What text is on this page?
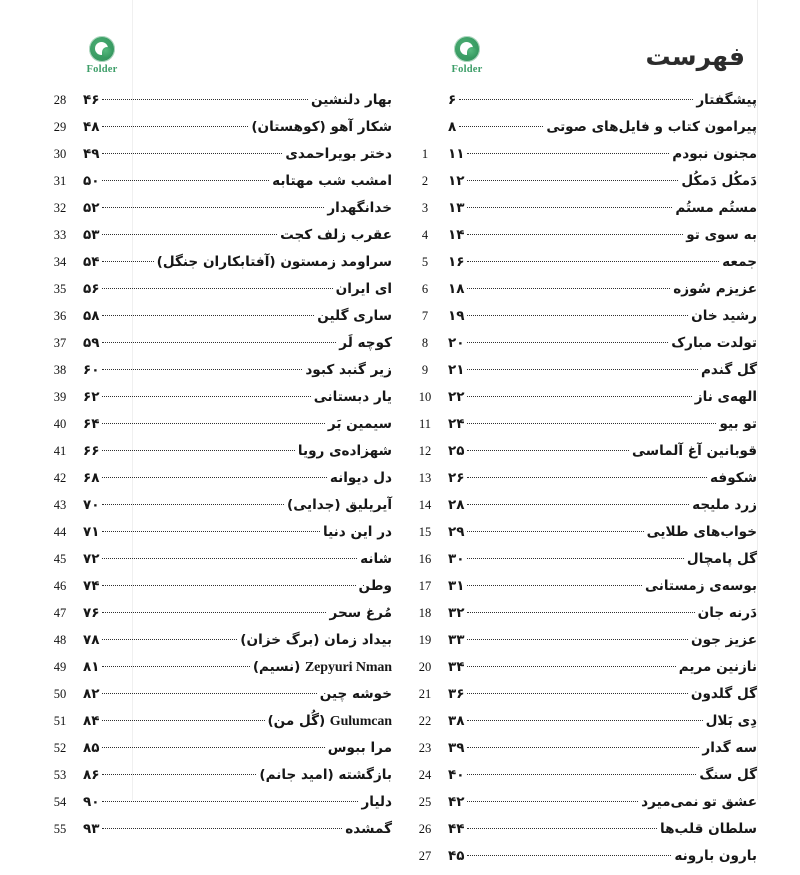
فهرست
Folder
پیشگفتار
۶
پیرامون کتاب و فایل‌های صوتی
۸
مجنون نبودم
۱۱
1
دَمکُل دَمکُل
۱۲
2
مستُم مستُم
۱۳
3
به سوی تو
۱۴
4
جمعه
۱۶
5
عزیزم سُوزه
۱۸
6
رشید خان
۱۹
7
تولدت مبارک
۲۰
8
گل گندم
۲۱
9
الهه‌ی ناز
۲۲
10
تو بیو
۲۴
11
قوبانین آغ آلماسی
۲۵
12
شکوفه
۲۶
13
زرد ملیجه
۲۸
14
خواب‌های طلایی
۲۹
15
گل پامچال
۳۰
16
بوسه‌ی زمستانی
۳۱
17
دَرنه جان
۳۲
18
عزیز جون
۳۳
19
نازنین مریم
۳۴
20
گل گلدون
۳۶
21
دِی بَلال
۳۸
22
سه گدار
۳۹
23
گل سنگ
۴۰
24
عشق تو نمی‌میرد
۴۲
25
سلطان قلب‌ها
۴۴
26
بارون بارونه
۴۵
27
Folder
بهار دلنشین
۴۶
28
شکار آهو (کوهستان)
۴۸
29
دختر بویراحمدی
۴۹
30
امشب شب مهتابه
۵۰
31
خدانگهدار
۵۲
32
عقرب زلف کجت
۵۳
33
سراومد زمستون (آفتابکاران جنگل)
۵۴
34
ای ایران
۵۶
35
ساری گلین
۵۸
36
کوچه لَر
۵۹
37
زیر گنبد کبود
۶۰
38
یار دبستانی
۶۲
39
سیمین بَر
۶۴
40
شهزاده‌ی رویا
۶۶
41
دل دیوانه
۶۸
42
آیریلیق (جدایی)
۷۰
43
در این دنیا
۷۱
44
شانه
۷۲
45
وطن
۷۴
46
مُرغ سحر
۷۶
47
بیداد زمان (برگ خزان)
۷۸
48
Zepyuri Nman (نسیم)
۸۱
49
خوشه چین
۸۲
50
Gulumcan (گُل من)
۸۴
51
مرا ببوس
۸۵
52
بازگشته (امید جانم)
۸۶
53
دلیار
۹۰
54
گمشده
۹۳
55
